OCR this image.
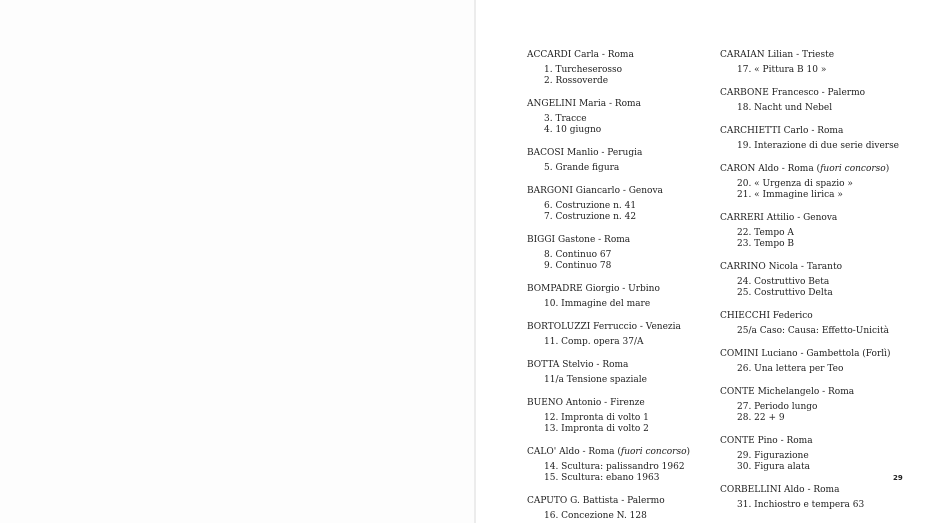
ACCARDI Carla - Roma
1. Turcheserosso
2. Rossoverde
ANGELINI Maria - Roma
3. Tracce
4. 10 giugno
BACOSI Manlio - Perugia
5. Grande figura
BARGONI Giancarlo - Genova
6. Costruzione n. 41
7. Costruzione n. 42
BIGGI Gastone - Roma
8. Continuo 67
9. Continuo 78
BOMPADRE Giorgio - Urbino
10. Immagine del mare
BORTOLUZZI Ferruccio - Venezia
11. Comp. opera 37/A
BOTTA Stelvio - Roma
11/a Tensione spaziale
BUENO Antonio - Firenze
12. Impronta di volto 1
13. Impronta di volto 2
CALO' Aldo - Roma (fuori concorso)
14. Scultura: palissandro 1962
15. Scultura: ebano 1963
CAPUTO G. Battista - Palermo
16. Concezione N. 128
CARAIAN Lilian - Trieste
17. « Pittura B 10 »
CARBONE Francesco - Palermo
18. Nacht und Nebel
CARCHIETTI Carlo - Roma
19. Interazione di due serie diverse
CARON Aldo - Roma (fuori concorso)
20. « Urgenza di spazio »
21. « Immagine lirica »
CARRERI Attilio - Genova
22. Tempo A
23. Tempo B
CARRINO Nicola - Taranto
24. Costruttivo Beta
25. Costruttivo Delta
CHIECCHI Federico
25/a Caso: Causa: Effetto-Unicità
COMINI Luciano - Gambettola (Forlì)
26. Una lettera per Teo
CONTE Michelangelo - Roma
27. Periodo lungo
28. 22 + 9
CONTE Pino - Roma
29. Figurazione
30. Figura alata
CORBELLINI Aldo - Roma
31. Inchiostro e tempera 63
29
